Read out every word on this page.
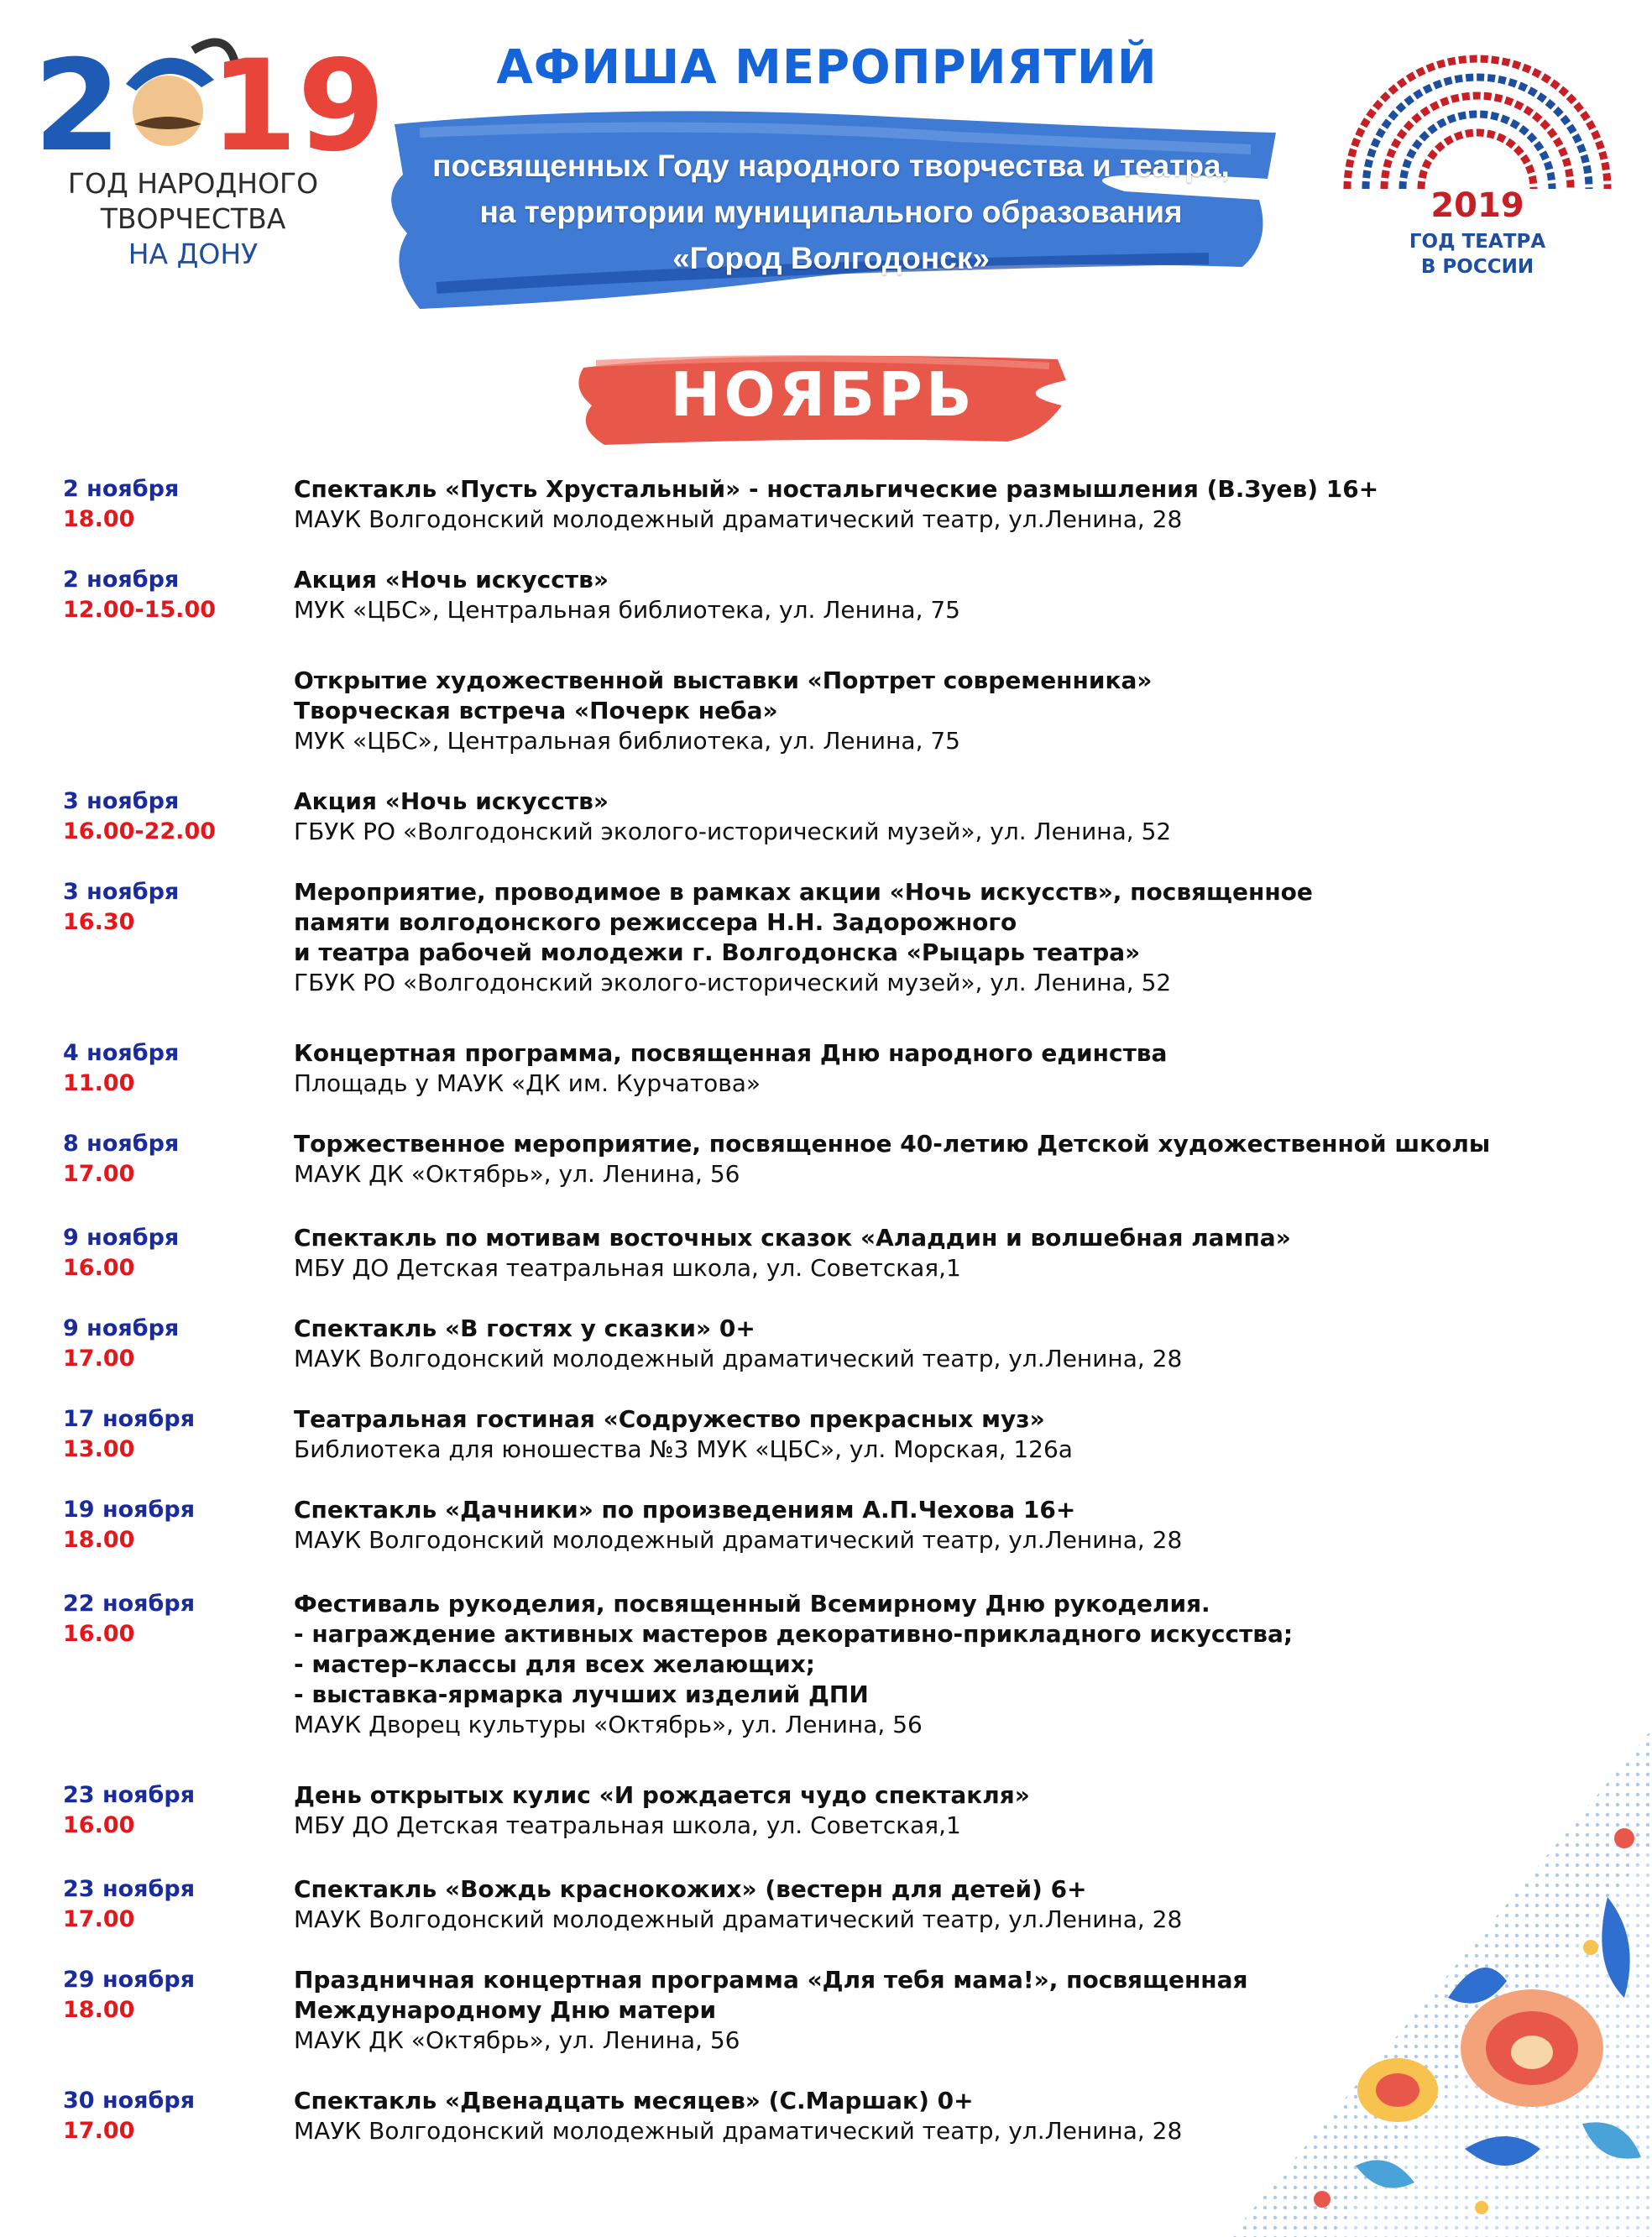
2 19
ГОД НАРОДНОГО
ТВОРЧЕСТВА
НА ДОНУ
2019
ГОД ТЕАТРА
В РОССИИ
АФИША МЕРОПРИЯТИЙ
посвященных Году народного творчества и театра,
на территории муниципального образования
«Город Волгодонск»
НОЯБРЬ
2 ноября
18.00
Спектакль «Пусть Хрустальный» - ностальгические размышления (В.Зуев) 16+
МАУК Волгодонский молодежный драматический театр, ул.Ленина, 28
2 ноября
12.00-15.00
Акция «Ночь искусств»
МУК «ЦБС», Центральная библиотека, ул. Ленина, 75
Открытие художественной выставки «Портрет современника»
Творческая встреча «Почерк неба»
МУК «ЦБС», Центральная библиотека, ул. Ленина, 75
3 ноября
16.00-22.00
Акция «Ночь искусств»
ГБУК РО «Волгодонский эколого-исторический музей», ул. Ленина, 52
3 ноября
16.30
Мероприятие, проводимое в рамках акции «Ночь искусств», посвященное
памяти волгодонского режиссера Н.Н. Задорожного
и театра рабочей молодежи г. Волгодонска «Рыцарь театра»
ГБУК РО «Волгодонский эколого-исторический музей», ул. Ленина, 52
4 ноября
11.00
Концертная программа, посвященная Дню народного единства
Площадь у МАУК «ДК им. Курчатова»
8 ноября
17.00
Торжественное мероприятие, посвященное 40-летию Детской художественной школы
МАУК ДК «Октябрь», ул. Ленина, 56
9 ноября
16.00
Спектакль по мотивам восточных сказок «Аладдин и волшебная лампа»
МБУ ДО Детская театральная школа, ул. Советская,1
9 ноября
17.00
Спектакль «В гостях у сказки» 0+
МАУК Волгодонский молодежный драматический театр, ул.Ленина, 28
17 ноября
13.00
Театральная гостиная «Содружество прекрасных муз»
Библиотека для юношества №3 МУК «ЦБС», ул. Морская, 126а
19 ноября
18.00
Спектакль «Дачники» по произведениям А.П.Чехова 16+
МАУК Волгодонский молодежный драматический театр, ул.Ленина, 28
22 ноября
16.00
Фестиваль рукоделия, посвященный Всемирному Дню рукоделия.
- награждение активных мастеров декоративно-прикладного искусства;
- мастер–классы для всех желающих;
- выставка-ярмарка лучших изделий ДПИ
МАУК Дворец культуры «Октябрь», ул. Ленина, 56
23 ноября
16.00
День открытых кулис «И рождается чудо спектакля»
МБУ ДО Детская театральная школа, ул. Советская,1
23 ноября
17.00
Спектакль «Вождь краснокожих» (вестерн для детей) 6+
МАУК Волгодонский молодежный драматический театр, ул.Ленина, 28
29 ноября
18.00
Праздничная концертная программа «Для тебя мама!», посвященная
Международному Дню матери
МАУК ДК «Октябрь», ул. Ленина, 56
30 ноября
17.00
Спектакль «Двенадцать месяцев» (С.Маршак) 0+
МАУК Волгодонский молодежный драматический театр, ул.Ленина, 28
